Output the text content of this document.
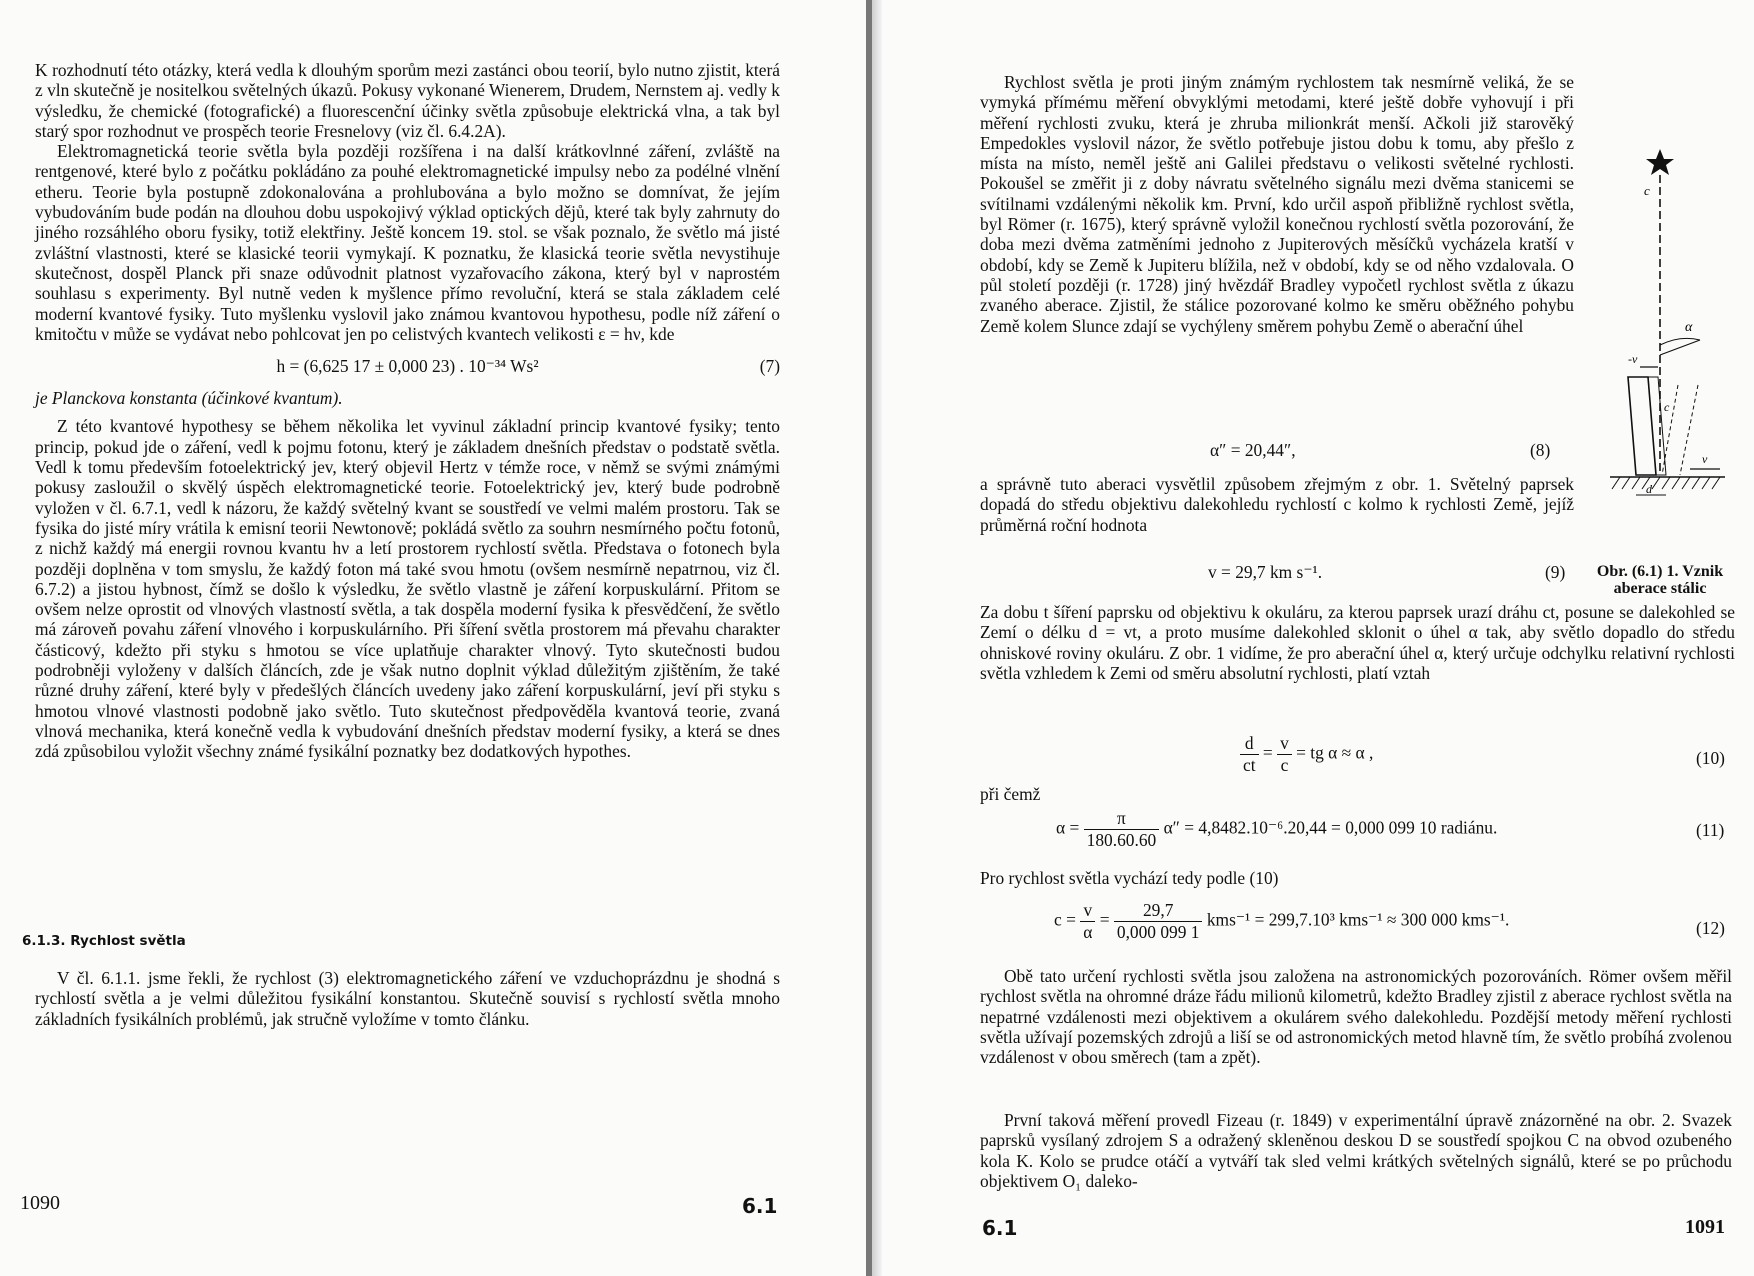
K rozhodnutí této otázky, která vedla k dlouhým sporům mezi zastánci obou teorií, bylo nutno zjistit, která z vln skutečně je nositelkou světelných úkazů. Pokusy vykonané Wienerem, Drudem, Nernstem aj. vedly k výsledku, že chemické (fotografické) a fluorescenční účinky světla způsobuje elektrická vlna, a tak byl starý spor rozhodnut ve prospěch teorie Fresnelovy (viz čl. 6.4.2A).

Elektromagnetická teorie světla byla později rozšířena i na další krátkovlnné záření, zvláště na rentgenové, které bylo z počátku pokládáno za pouhé elektromagnetické impulsy nebo za podélné vlnění etheru. Teorie byla postupně zdokonalována a prohlubována a bylo možno se domnívat, že jejím vybudováním bude podán na dlouhou dobu uspokojivý výklad optických dějů, které tak byly zahrnuty do jiného rozsáhlého oboru fysiky, totiž elektřiny. Ještě koncem 19. stol. se však poznalo, že světlo má jisté zvláštní vlastnosti, které se klasické teorii vymykají. K poznatku, že klasická teorie světla nevystihuje skutečnost, dospěl Planck při snaze odůvodnit platnost vyzařovacího zákona, který byl v naprostém souhlasu s experimenty. Byl nutně veden k myšlence přímo revoluční, která se stala základem celé moderní kvantové fysiky. Tuto myšlenku vyslovil jako známou kvantovou hypothesu, podle níž záření o kmitočtu ν může se vydávat nebo pohlcovat jen po celistvých kvantech velikosti ε = hν, kde

h = (6,625 17 ± 0,000 23) . 10⁻³⁴ Ws²	(7)

je Planckova konstanta (účinkové kvantum).

Z této kvantové hypothesy se během několika let vyvinul základní princip kvantové fysiky; tento princip, pokud jde o záření, vedl k pojmu fotonu, který je základem dnešních představ o podstatě světla. Vedl k tomu především fotoelektrický jev, který objevil Hertz v témže roce, v němž se svými známými pokusy zasloužil o skvělý úspěch elektromagnetické teorie. Fotoelektrický jev, který bude podrobně vyložen v čl. 6.7.1, vedl k názoru, že každý světelný kvant se soustředí ve velmi malém prostoru. Tak se fysika do jisté míry vrátila k emisní teorii Newtonově; pokládá světlo za souhrn nesmírného počtu fotonů, z nichž každý má energii rovnou kvantu hν a letí prostorem rychlostí světla. Představa o fotonech byla později doplněna v tom smyslu, že každý foton má také svou hmotu (ovšem nesmírně nepatrnou, viz čl. 6.7.2) a jistou hybnost, čímž se došlo k výsledku, že světlo vlastně je záření korpuskulární. Přitom se ovšem nelze oprostit od vlnových vlastností světla, a tak dospěla moderní fysika k přesvědčení, že světlo má zároveň povahu záření vlnového i korpuskulárního. Při šíření světla prostorem má převahu charakter částicový, kdežto při styku s hmotou se více uplatňuje charakter vlnový. Tyto skutečnosti budou podrobněji vyloženy v dalších článcích, zde je však nutno doplnit výklad důležitým zjištěním, že také různé druhy záření, které byly v předešlých článcích uvedeny jako záření korpuskulární, jeví při styku s hmotou vlnové vlastnosti podobně jako světlo. Tuto skutečnost předpověděla kvantová teorie, zvaná vlnová mechanika, která konečně vedla k vybudování dnešních představ moderní fysiky, a která se dnes zdá způsobilou vyložit všechny známé fysikální poznatky bez dodatkových hypothes.

6.1.3. Rychlost světla

V čl. 6.1.1. jsme řekli, že rychlost (3) elektromagnetického záření ve vzduchoprázdnu je shodná s rychlostí světla a je velmi důležitou fysikální konstantou. Skutečně souvisí s rychlostí světla mnoho základních fysikálních problémů, jak stručně vyložíme v tomto článku.

1090	6.1
Rychlost světla je proti jiným známým rychlostem tak nesmírně veliká, že se vymyká přímému měření obvyklými metodami, které ještě dobře vyhovují i při měření rychlosti zvuku, která je zhruba milionkrát menší. Ačkoli již starověký Empedokles vyslovil názor, že světlo potřebuje jistou dobu k tomu, aby přešlo z místa na místo, neměl ještě ani Galilei představu o velikosti světelné rychlosti. Pokoušel se změřit ji z doby návratu světelného signálu mezi dvěma stanicemi se svítilnami vzdálenými několik km. První, kdo určil aspoň přibližně rychlost světla, byl Römer (r. 1675), který správně vyložil konečnou rychlostí světla pozorování, že doba mezi dvěma zatměními jednoho z Jupiterových měsíčků vycházela kratší v období, kdy se Země k Jupiteru blížila, než v období, kdy se od něho vzdalovala. O půl století později (r. 1728) jiný hvězdář Bradley vypočetl rychlost světla z úkazu zvaného aberace. Zjistil, že stálice pozorované kolmo ke směru oběžného pohybu Země kolem Slunce zdají se vychýleny směrem pohybu Země o aberační úhel
α″ = 20,44″,	(8)
a správně tuto aberaci vysvětlil způsobem zřejmým z obr. 1. Světelný paprsek dopadá do středu objektivu dalekohledu rychlostí c kolmo k rychlosti Země, jejíž průměrná roční hodnota
v = 29,7 km s⁻¹.	(9)
Za dobu t šíření paprsku od objektivu k okuláru, za kterou paprsek urazí dráhu ct, posune se dalekohled se Zemí o délku d = vt, a proto musíme dalekohled sklonit o úhel α tak, aby světlo dopadlo do středu ohniskové roviny okuláru. Z obr. 1 vidíme, že pro aberační úhel α, který určuje odchylku relativní rychlosti světla vzhledem k Zemi od směru absolutní rychlosti, platí vztah
$\frac{d}{ct} = \frac{v}{c}$ = tg α ≈ α ,	(10)
při čemž
$\alpha = \frac{\pi}{180.60.60} \alpha'' = 4,8482.10^{-6}.20,44 = 0,000$ 099 10 radiánu.	(11)
Pro rychlost světla vychází tedy podle (10)
$c = \frac{v}{\alpha} = \frac{29,7}{0,000 099 1} kms^{-1} = 299,7.10^3$ kms⁻¹ ≈ 300 000 kms⁻¹.	(12)
Obě tato určení rychlosti světla jsou založena na astronomických pozorováních. Römer ovšem měřil rychlost světla na ohromné dráze řádu milionů kilometrů, kdežto Bradley zjistil z aberace rychlost světla na nepatrné vzdálenosti mezi objektivem a okulárem svého dalekohledu. Pozdější metody měření rychlosti světla užívají pozemských zdrojů a liší se od astronomických metod hlavně tím, že světlo probíhá zvolenou vzdálenost v obou směrech (tam a zpět).
První taková měření provedl Fizeau (r. 1849) v experimentální úpravě znázorněné na obr. 2. Svazek paprsků vysílaný zdrojem S a odražený skleněnou deskou D se soustředí spojkou C na obvod ozubeného kola K. Kolo se prudce otáčí a vytváří tak sled velmi krátkých světelných signálů, které se po průchodu objektivem O₁ daleko-
6.1	1091
c
α
-v
c
v
d
Obr. (6.1) 1. Vznik aberace stálic
